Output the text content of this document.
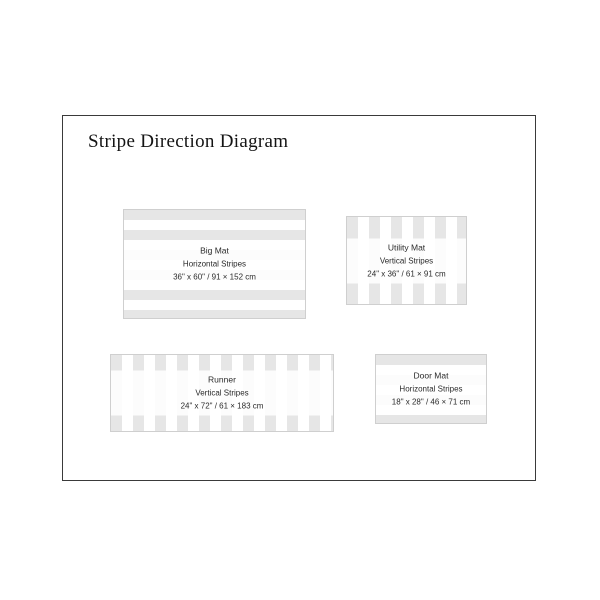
Stripe Direction Diagram
Big Mat
Horizontal Stripes
36" x 60" / 91 × 152 cm
Utility Mat
Vertical Stripes
24" x 36" / 61 × 91 cm
Runner
Vertical Stripes
24" x 72" / 61 × 183 cm
Door Mat
Horizontal Stripes
18" x 28" / 46 × 71 cm
